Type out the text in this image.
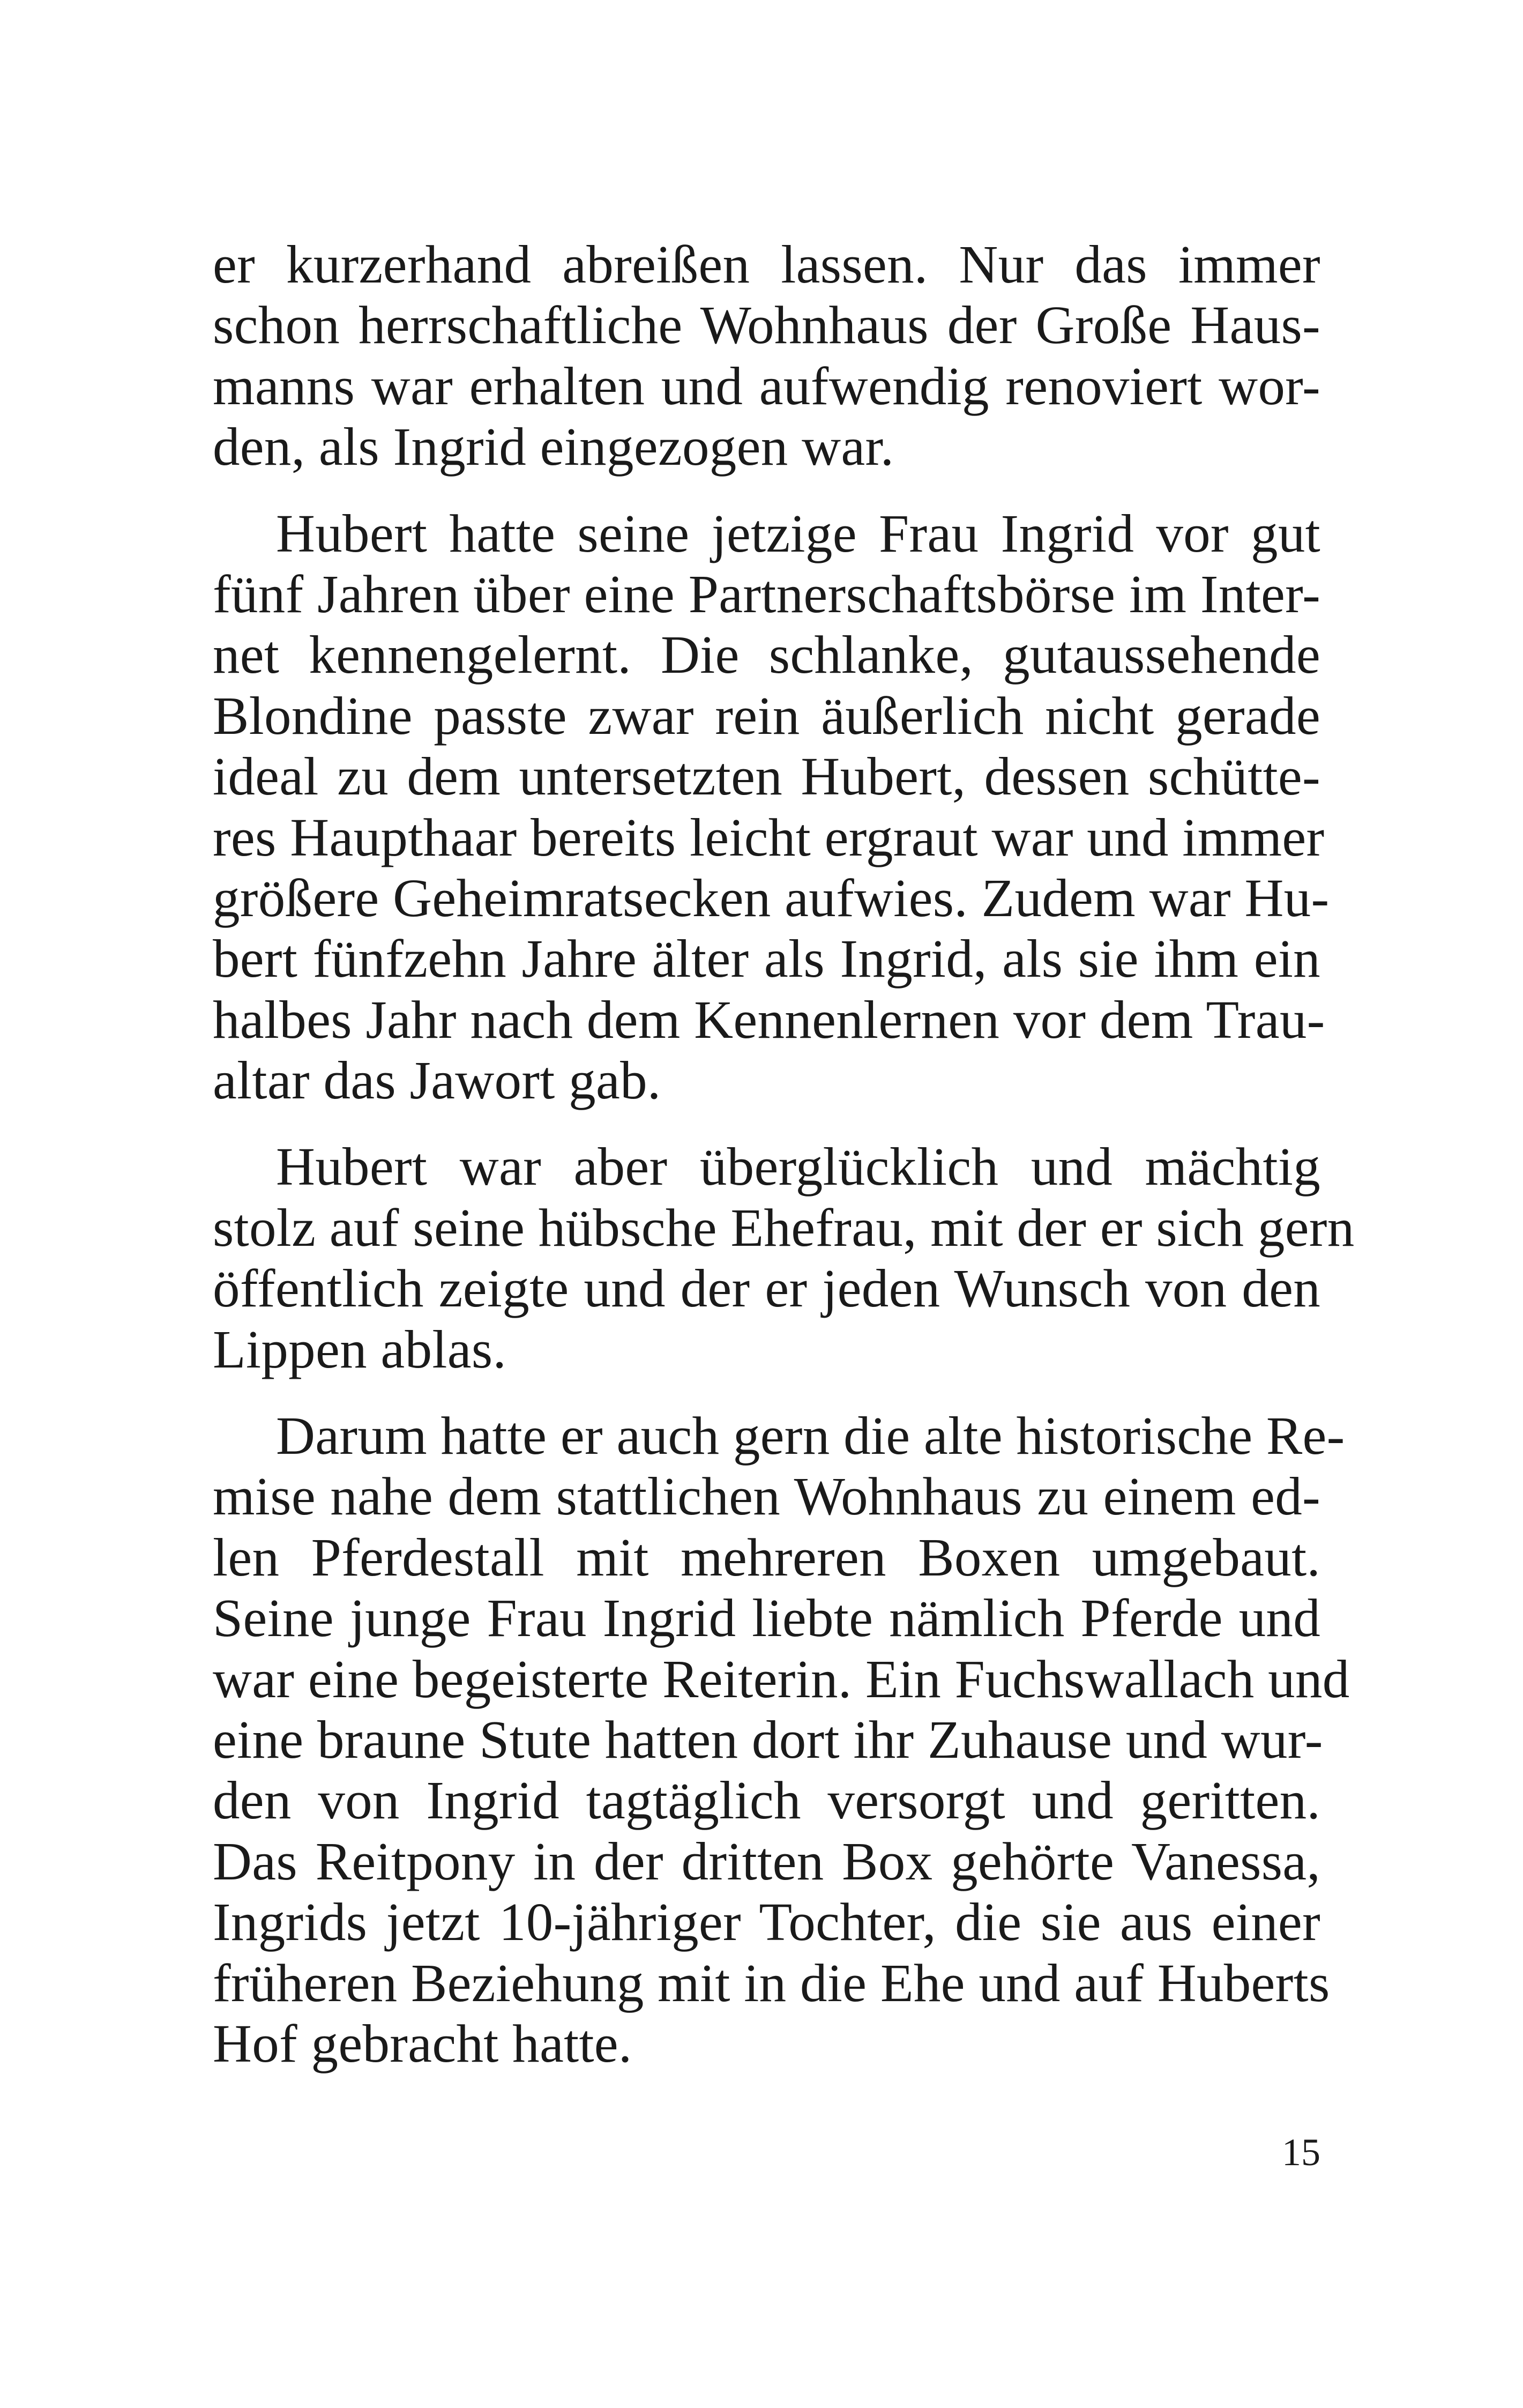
er kurzerhand abreißen lassen. Nur das immer
schon herrschaftliche Wohnhaus der Große Haus-
manns war erhalten und aufwendig renoviert wor-
den, als Ingrid eingezogen war.
Hubert hatte seine jetzige Frau Ingrid vor gut
fünf Jahren über eine Partnerschaftsbörse im Inter-
net kennengelernt. Die schlanke, gutaussehende
Blondine passte zwar rein äußerlich nicht gerade
ideal zu dem untersetzten Hubert, dessen schütte-
res Haupthaar bereits leicht ergraut war und immer
größere Geheimratsecken aufwies. Zudem war Hu-
bert fünfzehn Jahre älter als Ingrid, als sie ihm ein
halbes Jahr nach dem Kennenlernen vor dem Trau-
altar das Jawort gab.
Hubert war aber überglücklich und mächtig
stolz auf seine hübsche Ehefrau, mit der er sich gern
öffentlich zeigte und der er jeden Wunsch von den
Lippen ablas.
Darum hatte er auch gern die alte historische Re-
mise nahe dem stattlichen Wohnhaus zu einem ed-
len Pferdestall mit mehreren Boxen umgebaut.
Seine junge Frau Ingrid liebte nämlich Pferde und
war eine begeisterte Reiterin. Ein Fuchswallach und
eine braune Stute hatten dort ihr Zuhause und wur-
den von Ingrid tagtäglich versorgt und geritten.
Das Reitpony in der dritten Box gehörte Vanessa,
Ingrids jetzt 10-jähriger Tochter, die sie aus einer
früheren Beziehung mit in die Ehe und auf Huberts
Hof gebracht hatte.
15
